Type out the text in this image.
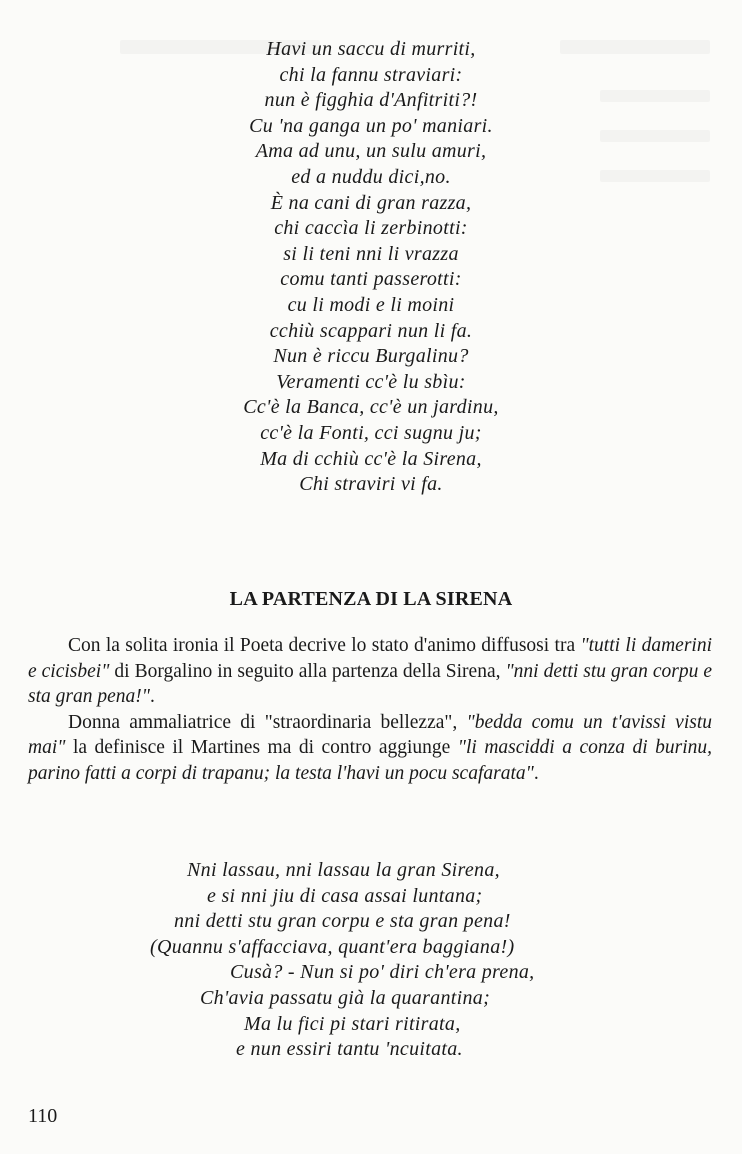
Havi un saccu di murriti,
chi la fannu straviari:
nun è figghia d'Anfitriti?!
Cu 'na ganga un po' maniari.
Ama ad unu, un sulu amuri,
ed a nuddu dici,no.
È na cani di gran razza,
chi caccìa li zerbinotti:
si li teni nni li vrazza
comu tanti passerotti:
cu li modi e li moini
cchiù scappari nun li fa.
Nun è riccu Burgalinu?
Veramenti cc'è lu sbìu:
Cc'è la Banca, cc'è un jardinu,
cc'è la Fonti, cci sugnu ju;
Ma di cchiù cc'è la Sirena,
Chi straviri vi fa.
LA PARTENZA DI LA SIRENA

Con la solita ironia il Poeta decrive lo stato d'animo diffusosi tra "tutti li damerini e cicisbei" di Borgalino in seguito alla partenza della Sirena, "nni detti stu gran corpu e sta gran pena!".

Donna ammaliatrice di "straordinaria bellezza", "bedda comu un t'avissi vistu mai" la definisce il Martines ma di contro aggiunge "li masciddi a conza di burinu, parino fatti a corpi di trapanu; la testa l'havi un pocu scafarata".

Nni lassau, nni lassau la gran Sirena,
e si nni jiu di casa assai luntana;
nni detti stu gran corpu e sta gran pena!
(Quannu s'affacciava, quant'era baggiana!)
Cusà? - Nun si po' diri ch'era prena,
Ch'avia passatu già la quarantina;
Ma lu fici pi stari ritirata,
e nun essiri tantu 'ncuitata.
110
